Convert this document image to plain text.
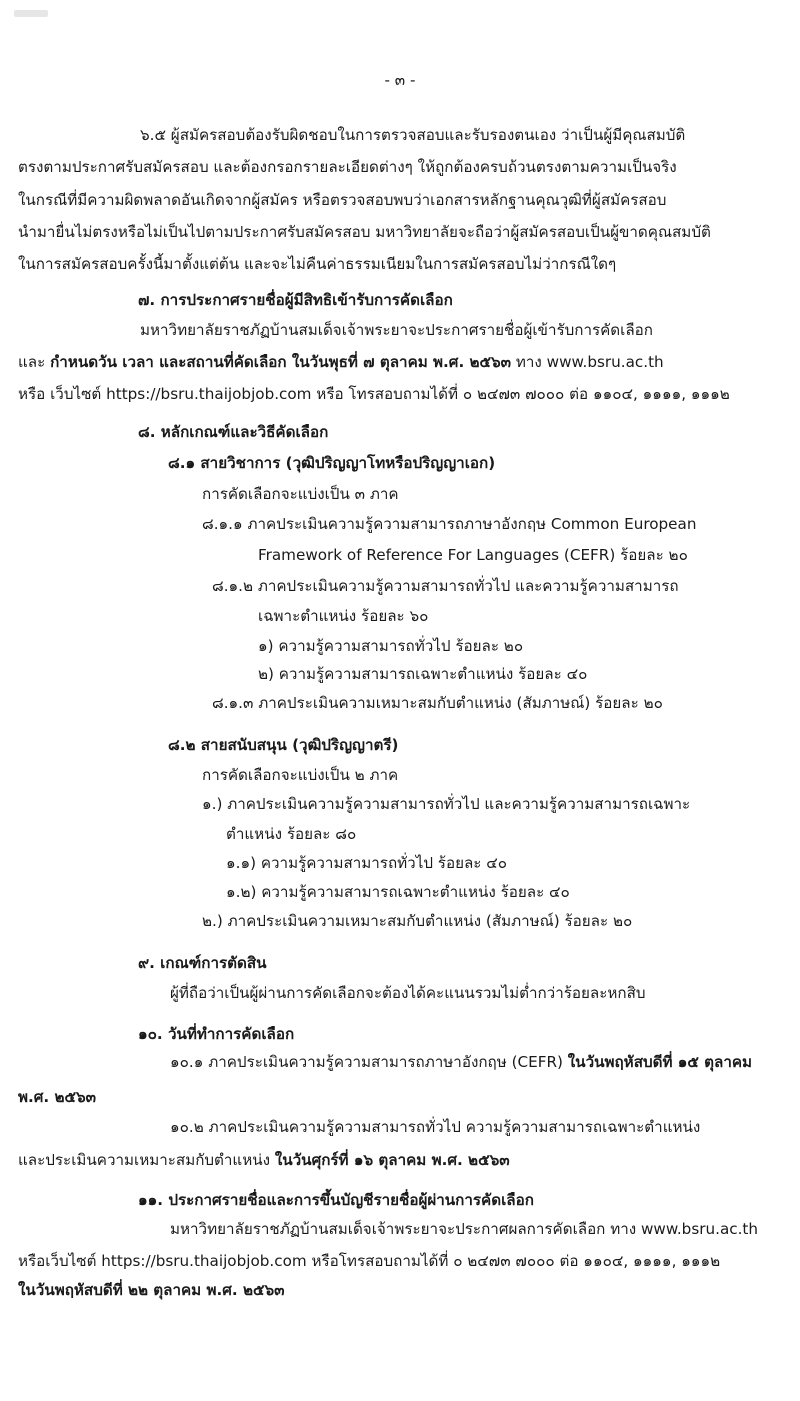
- ๓ -
๖.๕ ผู้สมัครสอบต้องรับผิดชอบในการตรวจสอบและรับรองตนเอง ว่าเป็นผู้มีคุณสมบัติ
ตรงตามประกาศรับสมัครสอบ และต้องกรอกรายละเอียดต่างๆ ให้ถูกต้องครบถ้วนตรงตามความเป็นจริง
ในกรณีที่มีความผิดพลาดอันเกิดจากผู้สมัคร หรือตรวจสอบพบว่าเอกสารหลักฐานคุณวุฒิที่ผู้สมัครสอบ
นำมายื่นไม่ตรงหรือไม่เป็นไปตามประกาศรับสมัครสอบ มหาวิทยาลัยจะถือว่าผู้สมัครสอบเป็นผู้ขาดคุณสมบัติ
ในการสมัครสอบครั้งนี้มาตั้งแต่ต้น และจะไม่คืนค่าธรรมเนียมในการสมัครสอบไม่ว่ากรณีใดๆ
๗. การประกาศรายชื่อผู้มีสิทธิเข้ารับการคัดเลือก
มหาวิทยาลัยราชภัฏบ้านสมเด็จเจ้าพระยาจะประกาศรายชื่อผู้เข้ารับการคัดเลือก
และ กำหนดวัน เวลา และสถานที่คัดเลือก ในวันพุธที่ ๗ ตุลาคม พ.ศ. ๒๕๖๓ ทาง www.bsru.ac.th
หรือ เว็บไซต์ https://bsru.thaijobjob.com หรือ โทรสอบถามได้ที่ ๐ ๒๔๗๓ ๗๐๐๐ ต่อ ๑๑๐๔, ๑๑๑๑, ๑๑๑๒
๘. หลักเกณฑ์และวิธีคัดเลือก
๘.๑ สายวิชาการ (วุฒิปริญญาโทหรือปริญญาเอก)
การคัดเลือกจะแบ่งเป็น ๓ ภาค
๘.๑.๑ ภาคประเมินความรู้ความสามารถภาษาอังกฤษ Common European
Framework of Reference For Languages (CEFR) ร้อยละ ๒๐
๘.๑.๒ ภาคประเมินความรู้ความสามารถทั่วไป และความรู้ความสามารถ
เฉพาะตำแหน่ง ร้อยละ ๖๐
๑) ความรู้ความสามารถทั่วไป ร้อยละ ๒๐
๒) ความรู้ความสามารถเฉพาะตำแหน่ง ร้อยละ ๔๐
๘.๑.๓ ภาคประเมินความเหมาะสมกับตำแหน่ง (สัมภาษณ์) ร้อยละ ๒๐
๘.๒ สายสนับสนุน (วุฒิปริญญาตรี)
การคัดเลือกจะแบ่งเป็น ๒ ภาค
๑.) ภาคประเมินความรู้ความสามารถทั่วไป และความรู้ความสามารถเฉพาะ
ตำแหน่ง ร้อยละ ๘๐
๑.๑) ความรู้ความสามารถทั่วไป ร้อยละ ๔๐
๑.๒) ความรู้ความสามารถเฉพาะตำแหน่ง ร้อยละ ๔๐
๒.) ภาคประเมินความเหมาะสมกับตำแหน่ง (สัมภาษณ์) ร้อยละ ๒๐
๙. เกณฑ์การตัดสิน
ผู้ที่ถือว่าเป็นผู้ผ่านการคัดเลือกจะต้องได้คะแนนรวมไม่ต่ำกว่าร้อยละหกสิบ
๑๐. วันที่ทำการคัดเลือก
๑๐.๑ ภาคประเมินความรู้ความสามารถภาษาอังกฤษ (CEFR) ในวันพฤหัสบดีที่ ๑๕ ตุลาคม
พ.ศ. ๒๕๖๓
๑๐.๒ ภาคประเมินความรู้ความสามารถทั่วไป ความรู้ความสามารถเฉพาะตำแหน่ง
และประเมินความเหมาะสมกับตำแหน่ง ในวันศุกร์ที่ ๑๖ ตุลาคม พ.ศ. ๒๕๖๓
๑๑. ประกาศรายชื่อและการขึ้นบัญชีรายชื่อผู้ผ่านการคัดเลือก
มหาวิทยาลัยราชภัฏบ้านสมเด็จเจ้าพระยาจะประกาศผลการคัดเลือก ทาง www.bsru.ac.th
หรือเว็บไซต์ https://bsru.thaijobjob.com หรือโทรสอบถามได้ที่ ๐ ๒๔๗๓ ๗๐๐๐ ต่อ ๑๑๐๔, ๑๑๑๑, ๑๑๑๒
ในวันพฤหัสบดีที่ ๒๒ ตุลาคม พ.ศ. ๒๕๖๓
